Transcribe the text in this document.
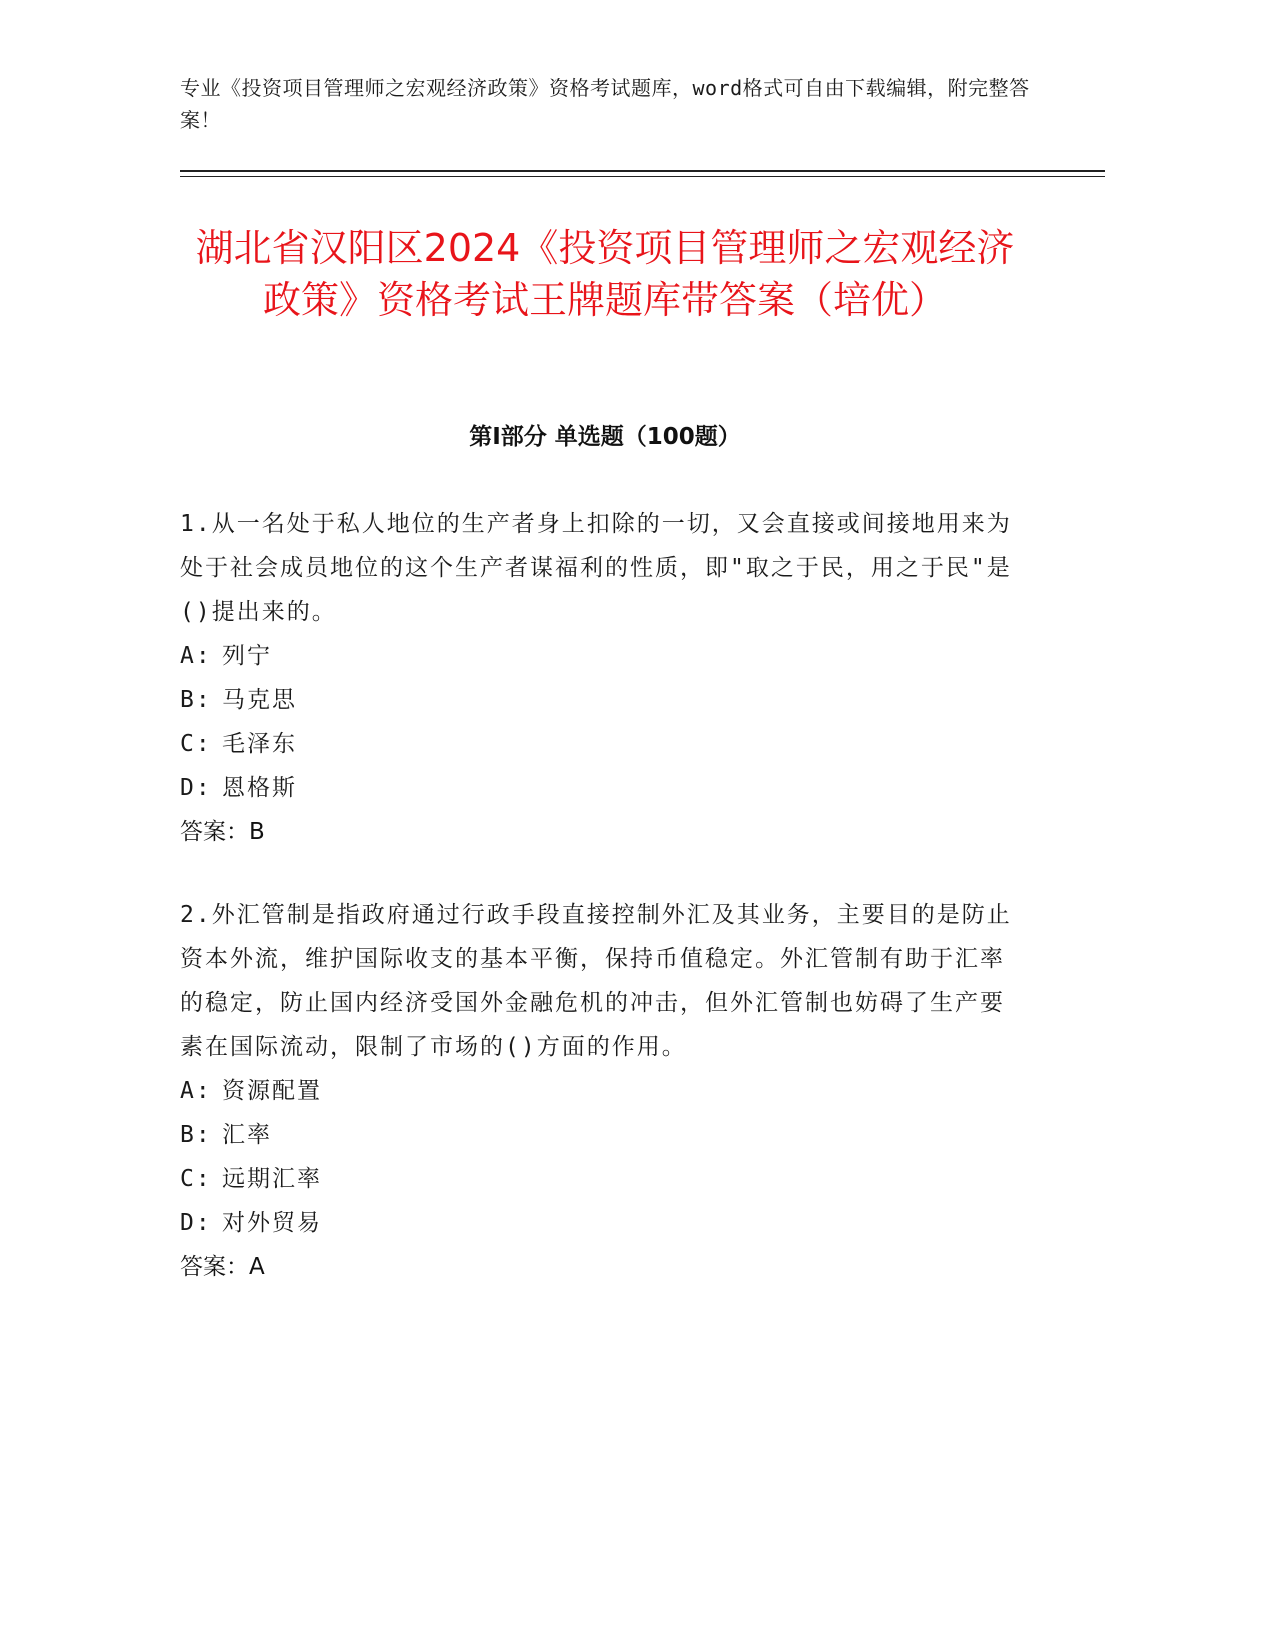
专业《投资项目管理师之宏观经济政策》资格考试题库，word格式可自由下载编辑，附完整答案！
湖北省汉阳区2024《投资项目管理师之宏观经济政策》资格考试王牌题库带答案（培优）
第Ⅰ部分 单选题（100题）
1.从一名处于私人地位的生产者身上扣除的一切，又会直接或间接地用来为处于社会成员地位的这个生产者谋福利的性质，即"取之于民，用之于民"是()提出来的。
A: 列宁
B: 马克思
C: 毛泽东
D: 恩格斯
答案：B
2.外汇管制是指政府通过行政手段直接控制外汇及其业务，主要目的是防止资本外流，维护国际收支的基本平衡，保持币值稳定。外汇管制有助于汇率的稳定，防止国内经济受国外金融危机的冲击，但外汇管制也妨碍了生产要素在国际流动，限制了市场的()方面的作用。
A: 资源配置
B: 汇率
C: 远期汇率
D: 对外贸易
答案：A
